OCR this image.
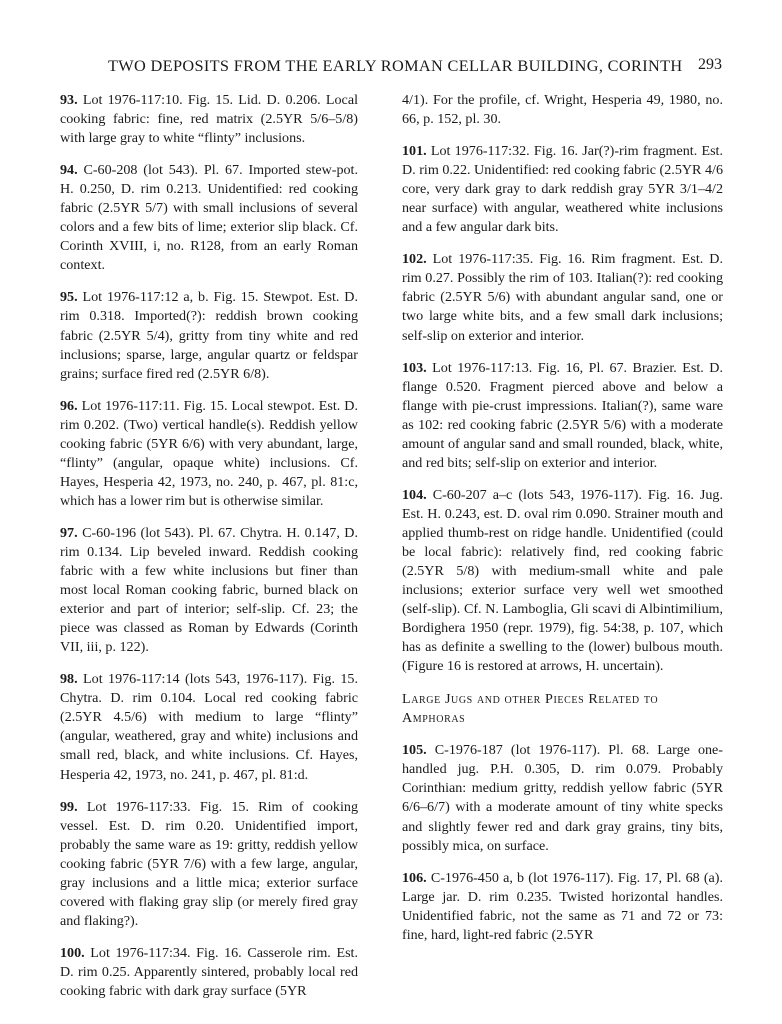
TWO DEPOSITS FROM THE EARLY ROMAN CELLAR BUILDING, CORINTH 293

93. Lot 1976-117:10. Fig. 15. Lid. D. 0.206. Local cooking fabric: fine, red matrix (2.5YR 5/6–5/8) with large gray to white “flinty” inclusions.

94. C-60-208 (lot 543). Pl. 67. Imported stew-pot. H. 0.250, D. rim 0.213. Unidentified: red cooking fabric (2.5YR 5/7) with small inclusions of several colors and a few bits of lime; exterior slip black. Cf. Corinth XVIII, i, no. R128, from an early Roman context.

95. Lot 1976-117:12 a, b. Fig. 15. Stewpot. Est. D. rim 0.318. Imported(?): reddish brown cooking fabric (2.5YR 5/4), gritty from tiny white and red inclusions; sparse, large, angular quartz or feldspar grains; surface fired red (2.5YR 6/8).

96. Lot 1976-117:11. Fig. 15. Local stewpot. Est. D. rim 0.202. (Two) vertical handle(s). Reddish yellow cooking fabric (5YR 6/6) with very abundant, large, “flinty” (angular, opaque white) inclusions. Cf. Hayes, Hesperia 42, 1973, no. 240, p. 467, pl. 81:c, which has a lower rim but is otherwise similar.

97. C-60-196 (lot 543). Pl. 67. Chytra. H. 0.147, D. rim 0.134. Lip beveled inward. Reddish cooking fabric with a few white inclusions but finer than most local Roman cooking fabric, burned black on exterior and part of interior; self-slip. Cf. 23; the piece was classed as Roman by Edwards (Corinth VII, iii, p. 122).

98. Lot 1976-117:14 (lots 543, 1976-117). Fig. 15. Chytra. D. rim 0.104. Local red cooking fabric (2.5YR 4.5/6) with medium to large “flinty” (angular, weathered, gray and white) inclusions and small red, black, and white inclusions. Cf. Hayes, Hesperia 42, 1973, no. 241, p. 467, pl. 81:d.

99. Lot 1976-117:33. Fig. 15. Rim of cooking vessel. Est. D. rim 0.20. Unidentified import, probably the same ware as 19: gritty, reddish yellow cooking fabric (5YR 7/6) with a few large, angular, gray inclusions and a little mica; exterior surface covered with flaking gray slip (or merely fired gray and flaking?).

100. Lot 1976-117:34. Fig. 16. Casserole rim. Est. D. rim 0.25. Apparently sintered, probably local red cooking fabric with dark gray surface (5YR

4/1). For the profile, cf. Wright, Hesperia 49, 1980, no. 66, p. 152, pl. 30.

101. Lot 1976-117:32. Fig. 16. Jar(?)-rim fragment. Est. D. rim 0.22. Unidentified: red cooking fabric (2.5YR 4/6 core, very dark gray to dark reddish gray 5YR 3/1–4/2 near surface) with angular, weathered white inclusions and a few angular dark bits.

102. Lot 1976-117:35. Fig. 16. Rim fragment. Est. D. rim 0.27. Possibly the rim of 103. Italian(?): red cooking fabric (2.5YR 5/6) with abundant angular sand, one or two large white bits, and a few small dark inclusions; self-slip on exterior and interior.

103. Lot 1976-117:13. Fig. 16, Pl. 67. Brazier. Est. D. flange 0.520. Fragment pierced above and below a flange with pie-crust impressions. Italian(?), same ware as 102: red cooking fabric (2.5YR 5/6) with a moderate amount of angular sand and small rounded, black, white, and red bits; self-slip on exterior and interior.

104. C-60-207 a–c (lots 543, 1976-117). Fig. 16. Jug. Est. H. 0.243, est. D. oval rim 0.090. Strainer mouth and applied thumb-rest on ridge handle. Unidentified (could be local fabric): relatively find, red cooking fabric (2.5YR 5/8) with medium-small white and pale inclusions; exterior surface very well wet smoothed (self-slip). Cf. N. Lamboglia, Gli scavi di Albintimilium, Bordighera 1950 (repr. 1979), fig. 54:38, p. 107, which has as definite a swelling to the (lower) bulbous mouth. (Figure 16 is restored at arrows, H. uncertain).

Large Jugs and other Pieces Related to Amphoras

105. C-1976-187 (lot 1976-117). Pl. 68. Large one-handled jug. P.H. 0.305, D. rim 0.079. Probably Corinthian: medium gritty, reddish yellow fabric (5YR 6/6–6/7) with a moderate amount of tiny white specks and slightly fewer red and dark gray grains, tiny bits, possibly mica, on surface.

106. C-1976-450 a, b (lot 1976-117). Fig. 17, Pl. 68 (a). Large jar. D. rim 0.235. Twisted horizontal handles. Unidentified fabric, not the same as 71 and 72 or 73: fine, hard, light-red fabric (2.5YR
